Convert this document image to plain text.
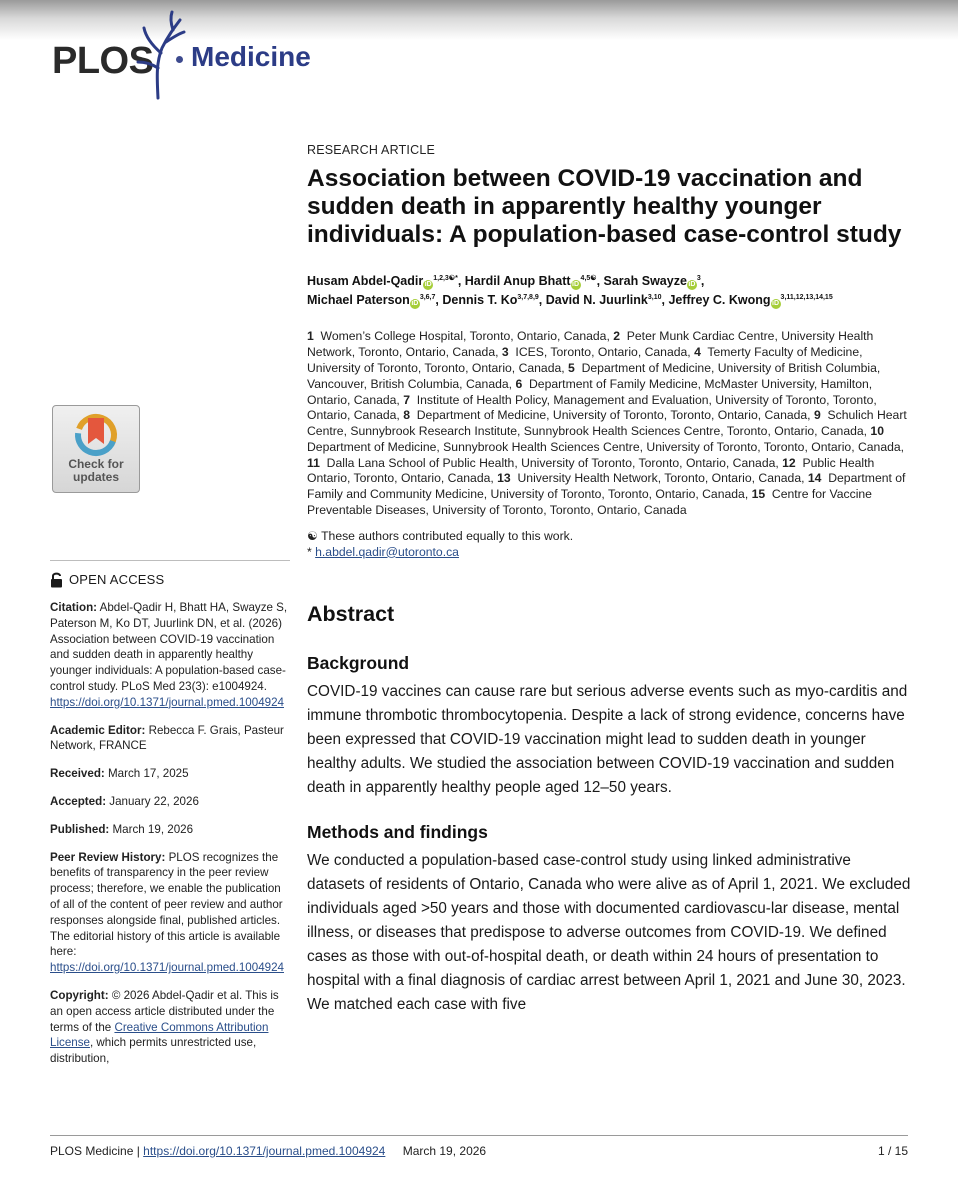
PLOS Medicine
Check for
updates
OPEN ACCESS

Citation: Abdel-Qadir H, Bhatt HA, Swayze S, Paterson M, Ko DT, Juurlink DN, et al. (2026) Association between COVID-19 vaccination and sudden death in apparently healthy younger individuals: A population-based case-control study. PLoS Med 23(3): e1004924. https://doi.org/10.1371/journal.pmed.1004924

Academic Editor: Rebecca F. Grais, Pasteur Network, FRANCE

Received: March 17, 2025

Accepted: January 22, 2026

Published: March 19, 2026

Peer Review History: PLOS recognizes the benefits of transparency in the peer review process; therefore, we enable the publication of all of the content of peer review and author responses alongside final, published articles. The editorial history of this article is available here: https://doi.org/10.1371/journal.pmed.1004924

Copyright: © 2026 Abdel-Qadir et al. This is an open access article distributed under the terms of the Creative Commons Attribution License, which permits unrestricted use, distribution,

RESEARCH ARTICLE
Association between COVID-19 vaccination and sudden death in apparently healthy younger individuals: A population-based case-control study
Husam Abdel-Qadir $iD^{1,2,3☯*}$, Hardil Anup Bhatt $iD^{4,5☯}$, Sarah Swayze $iD^3$,
Michael Paterson iD$^{3,6,7}$, Dennis T. Ko$^{3,7,8,9}$, David N. Juurlink$^{3,10}$, Jeffrey C. Kwong iD$^{3,11,12,13,14,15}$
1  Women’s College Hospital, Toronto, Ontario, Canada, 2  Peter Munk Cardiac Centre, University Health Network, Toronto, Ontario, Canada, 3  ICES, Toronto, Ontario, Canada, 4  Temerty Faculty of Medicine, University of Toronto, Toronto, Ontario, Canada, 5  Department of Medicine, University of British Columbia, Vancouver, British Columbia, Canada, 6  Department of Family Medicine, McMaster University, Hamilton, Ontario, Canada, 7  Institute of Health Policy, Management and Evaluation, University of Toronto, Toronto, Ontario, Canada, 8  Department of Medicine, University of Toronto, Toronto, Ontario, Canada, 9  Schulich Heart Centre, Sunnybrook Research Institute, Sunnybrook Health Sciences Centre, Toronto, Ontario, Canada, 10  Department of Medicine, Sunnybrook Health Sciences Centre, University of Toronto, Toronto, Ontario, Canada, 11  Dalla Lana School of Public Health, University of Toronto, Toronto, Ontario, Canada, 12  Public Health Ontario, Toronto, Ontario, Canada, 13  University Health Network, Toronto, Ontario, Canada, 14  Department of Family and Community Medicine, University of Toronto, Toronto, Ontario, Canada, 15  Centre for Vaccine Preventable Diseases, University of Toronto, Toronto, Ontario, Canada
☯ These authors contributed equally to this work.
* h.abdel.qadir@utoronto.ca
Abstract
Background

COVID-19 vaccines can cause rare but serious adverse events such as myo-carditis and immune thrombotic thrombocytopenia. Despite a lack of strong evidence, concerns have been expressed that COVID-19 vaccination might lead to sudden death in younger healthy adults. We studied the association between COVID-19 vaccination and sudden death in apparently healthy people aged 12–50 years.

Methods and findings

We conducted a population-based case-control study using linked administrative datasets of residents of Ontario, Canada who were alive as of April 1, 2021. We excluded individuals aged >50 years and those with documented cardiovascu-lar disease, mental illness, or diseases that predispose to adverse outcomes from COVID-19. We defined cases as those with out-of-hospital death, or death within 24 hours of presentation to hospital with a final diagnosis of cardiac arrest between April 1, 2021 and June 30, 2023. We matched each case with five

PLOS Medicine | https://doi.org/10.1371/journal.pmed.1004924 March 19, 2026	1 / 15
